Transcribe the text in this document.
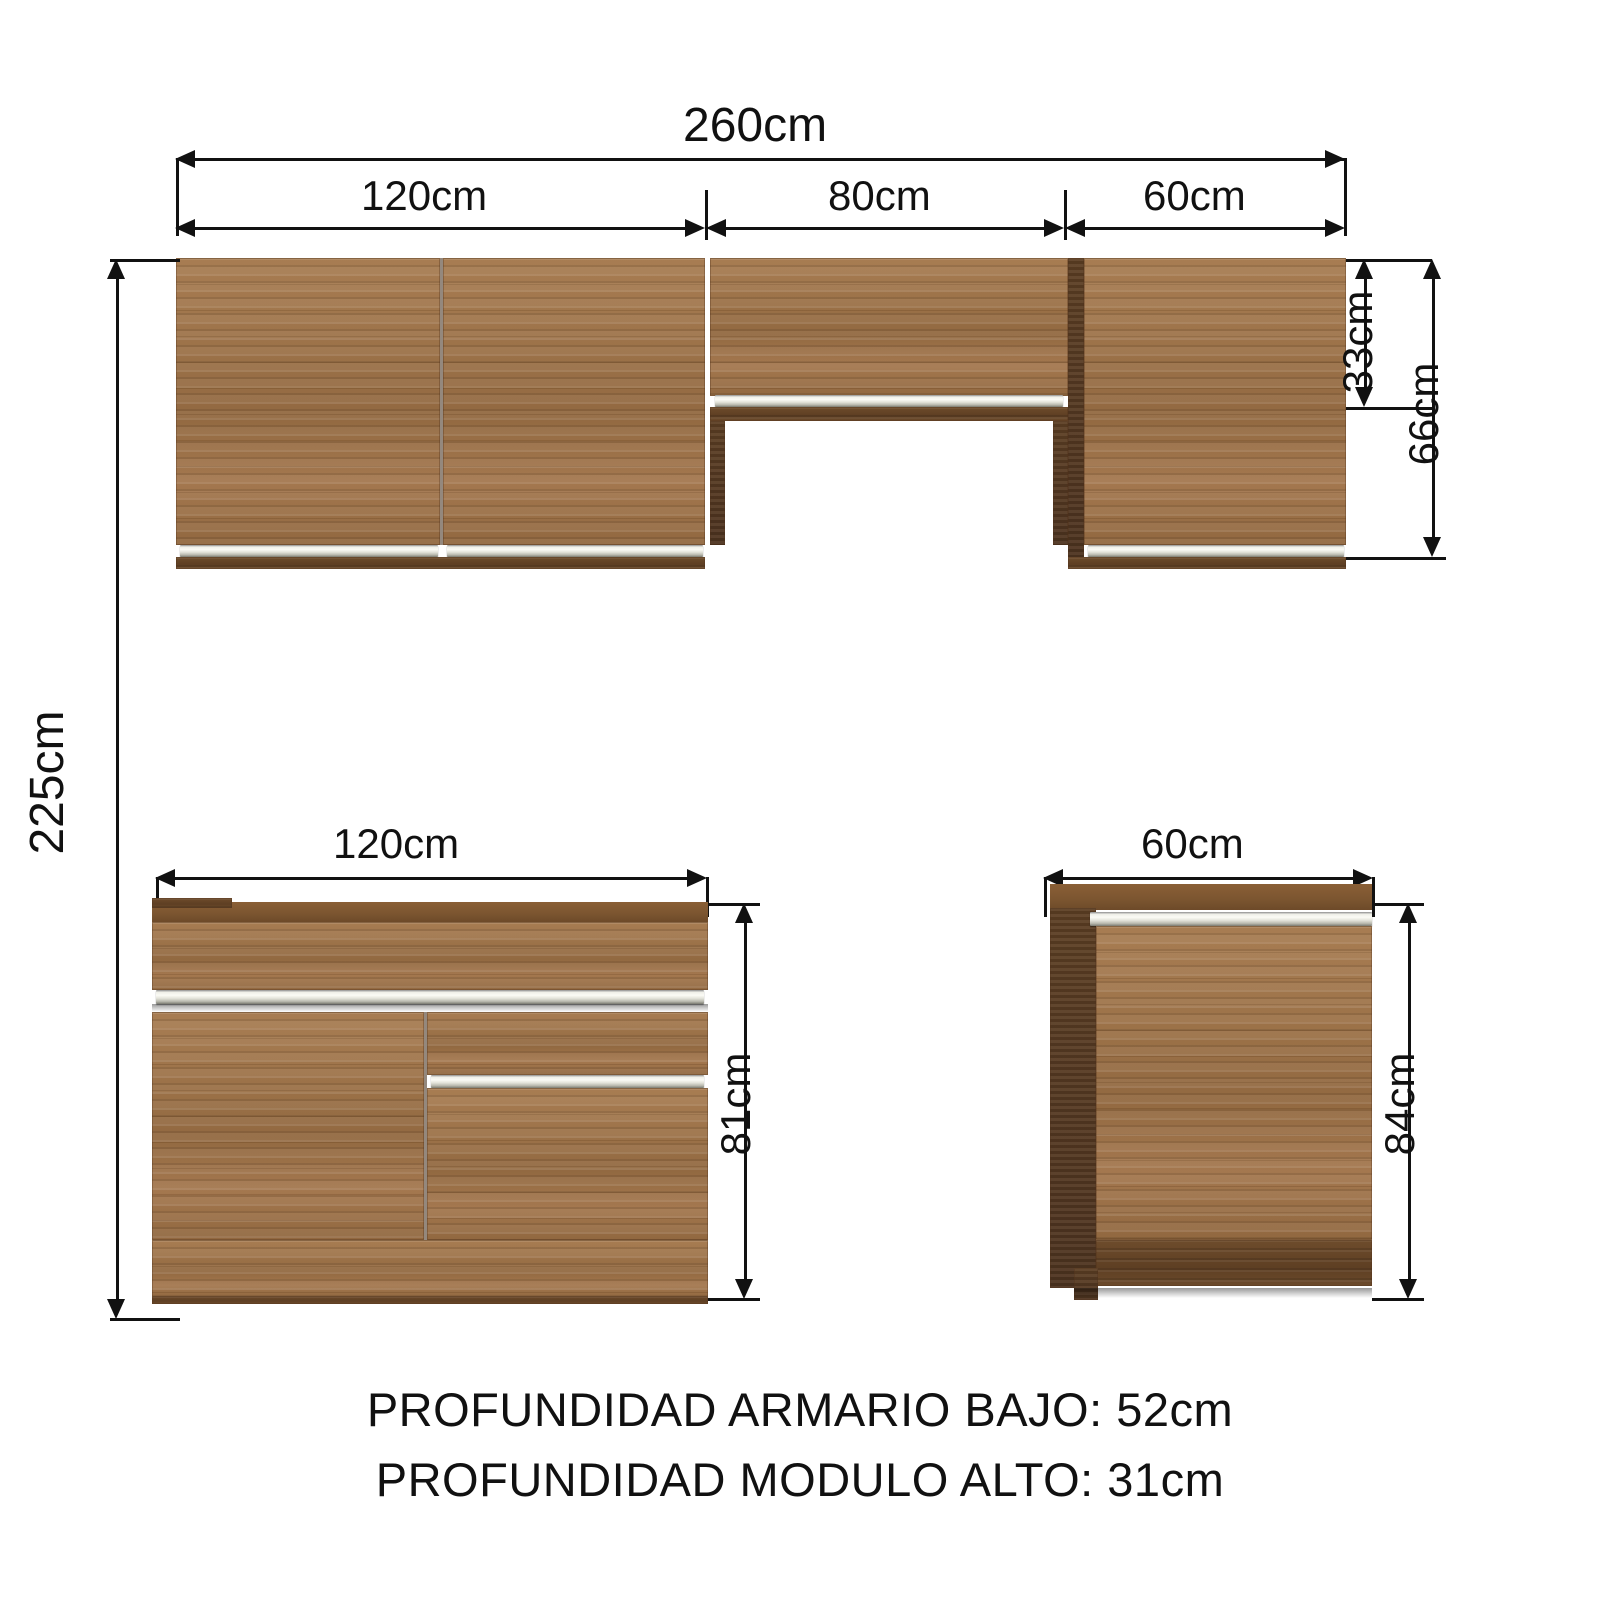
260cm
120cm	80cm	60cm
33cm
66cm
225cm	120cm
81cm
60cm
84cm
PROFUNDIDAD ARMARIO BAJO: 52cm
PROFUNDIDAD MODULO ALTO: 31cm
